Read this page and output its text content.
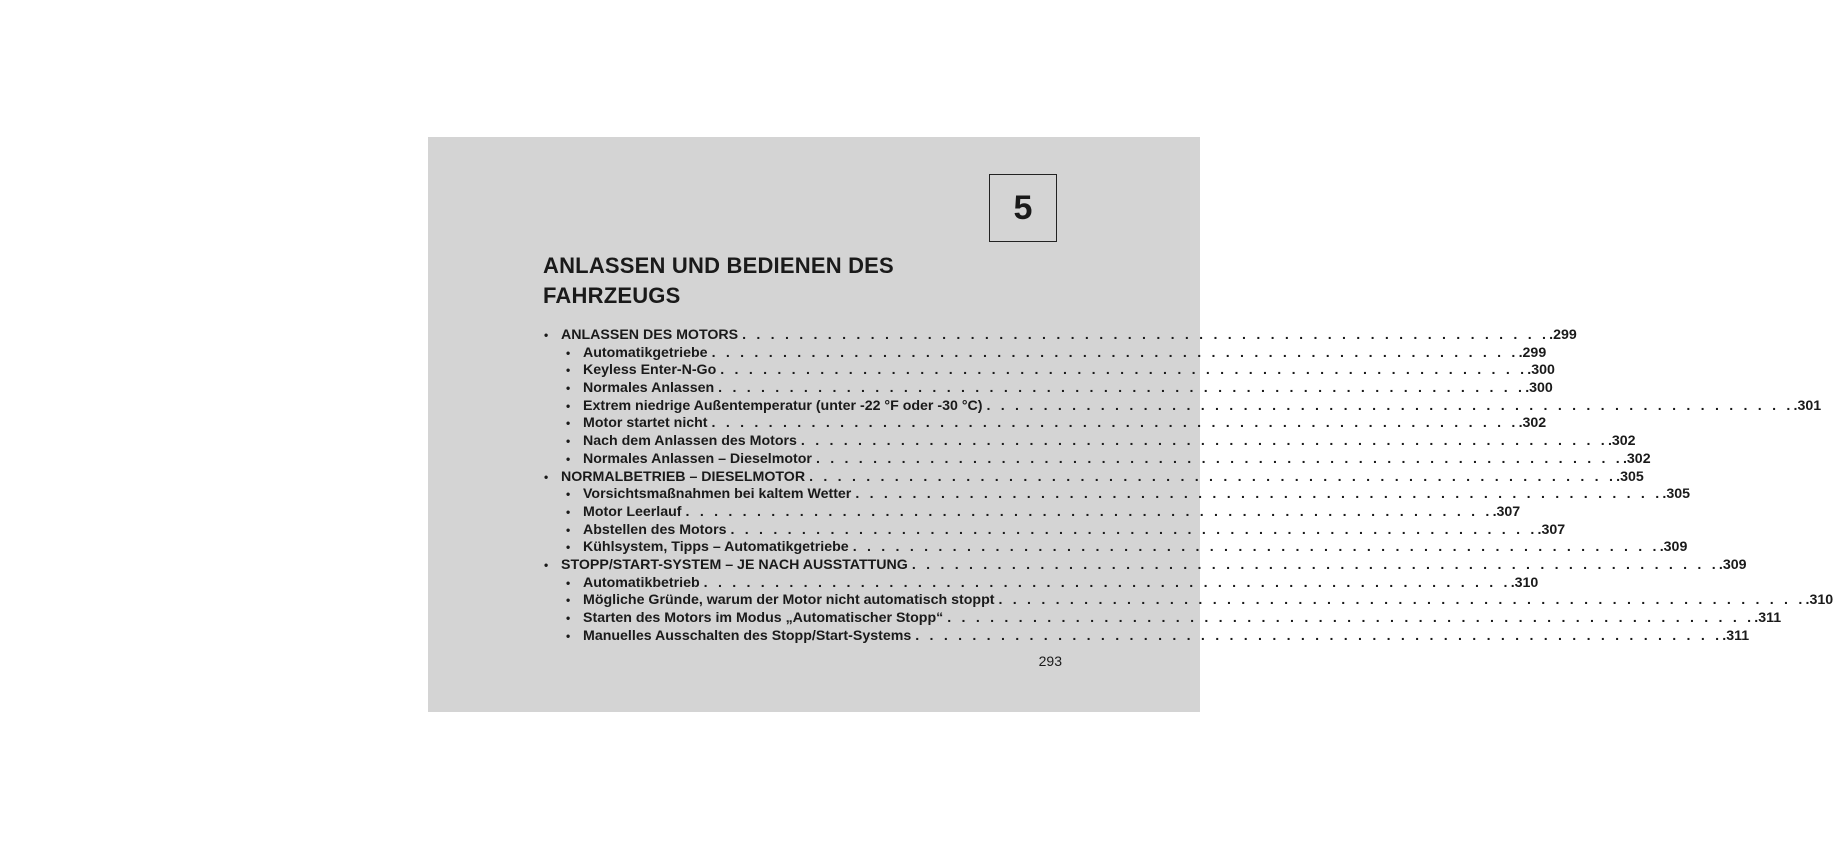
5
ANLASSEN UND BEDIENEN DES
FAHRZEUGS
• ANLASSEN DES MOTORS . . . . . . . . . . . . . . . . . . . . . . . . . . . . . . . . . . . . . . . . . . . . . . . . . . . . . . . . . .299
• Automatikgetriebe . . . . . . . . . . . . . . . . . . . . . . . . . . . . . . . . . . . . . . . . . . . . . . . . . . . . . . . . . .299
• Keyless Enter-N-Go . . . . . . . . . . . . . . . . . . . . . . . . . . . . . . . . . . . . . . . . . . . . . . . . . . . . . . . . . .300
• Normales Anlassen . . . . . . . . . . . . . . . . . . . . . . . . . . . . . . . . . . . . . . . . . . . . . . . . . . . . . . . . . .300
• Extrem niedrige Außentemperatur (unter -22 °F oder -30 °C) . . . . . . . . . . . . . . . . . . . . . . . . . . . . . . . . . . . . . . . . . . . . . . . . . . . . . . . . . .301
• Motor startet nicht . . . . . . . . . . . . . . . . . . . . . . . . . . . . . . . . . . . . . . . . . . . . . . . . . . . . . . . . . .302
• Nach dem Anlassen des Motors . . . . . . . . . . . . . . . . . . . . . . . . . . . . . . . . . . . . . . . . . . . . . . . . . . . . . . . . . .302
• Normales Anlassen – Dieselmotor . . . . . . . . . . . . . . . . . . . . . . . . . . . . . . . . . . . . . . . . . . . . . . . . . . . . . . . . . .302
• NORMALBETRIEB – DIESELMOTOR . . . . . . . . . . . . . . . . . . . . . . . . . . . . . . . . . . . . . . . . . . . . . . . . . . . . . . . . . .305
• Vorsichtsmaßnahmen bei kaltem Wetter . . . . . . . . . . . . . . . . . . . . . . . . . . . . . . . . . . . . . . . . . . . . . . . . . . . . . . . . . .305
• Motor Leerlauf . . . . . . . . . . . . . . . . . . . . . . . . . . . . . . . . . . . . . . . . . . . . . . . . . . . . . . . . . .307
• Abstellen des Motors . . . . . . . . . . . . . . . . . . . . . . . . . . . . . . . . . . . . . . . . . . . . . . . . . . . . . . . . . .307
• Kühlsystem, Tipps – Automatikgetriebe . . . . . . . . . . . . . . . . . . . . . . . . . . . . . . . . . . . . . . . . . . . . . . . . . . . . . . . . . .309
• STOPP/START-SYSTEM – JE NACH AUSSTATTUNG . . . . . . . . . . . . . . . . . . . . . . . . . . . . . . . . . . . . . . . . . . . . . . . . . . . . . . . . . .309
• Automatikbetrieb . . . . . . . . . . . . . . . . . . . . . . . . . . . . . . . . . . . . . . . . . . . . . . . . . . . . . . . . . .310
• Mögliche Gründe, warum der Motor nicht automatisch stoppt . . . . . . . . . . . . . . . . . . . . . . . . . . . . . . . . . . . . . . . . . . . . . . . . . . . . . . . . . .310
• Starten des Motors im Modus „Automatischer Stopp“ . . . . . . . . . . . . . . . . . . . . . . . . . . . . . . . . . . . . . . . . . . . . . . . . . . . . . . . . . .311
• Manuelles Ausschalten des Stopp/Start-Systems . . . . . . . . . . . . . . . . . . . . . . . . . . . . . . . . . . . . . . . . . . . . . . . . . . . . . . . . . .311
293
